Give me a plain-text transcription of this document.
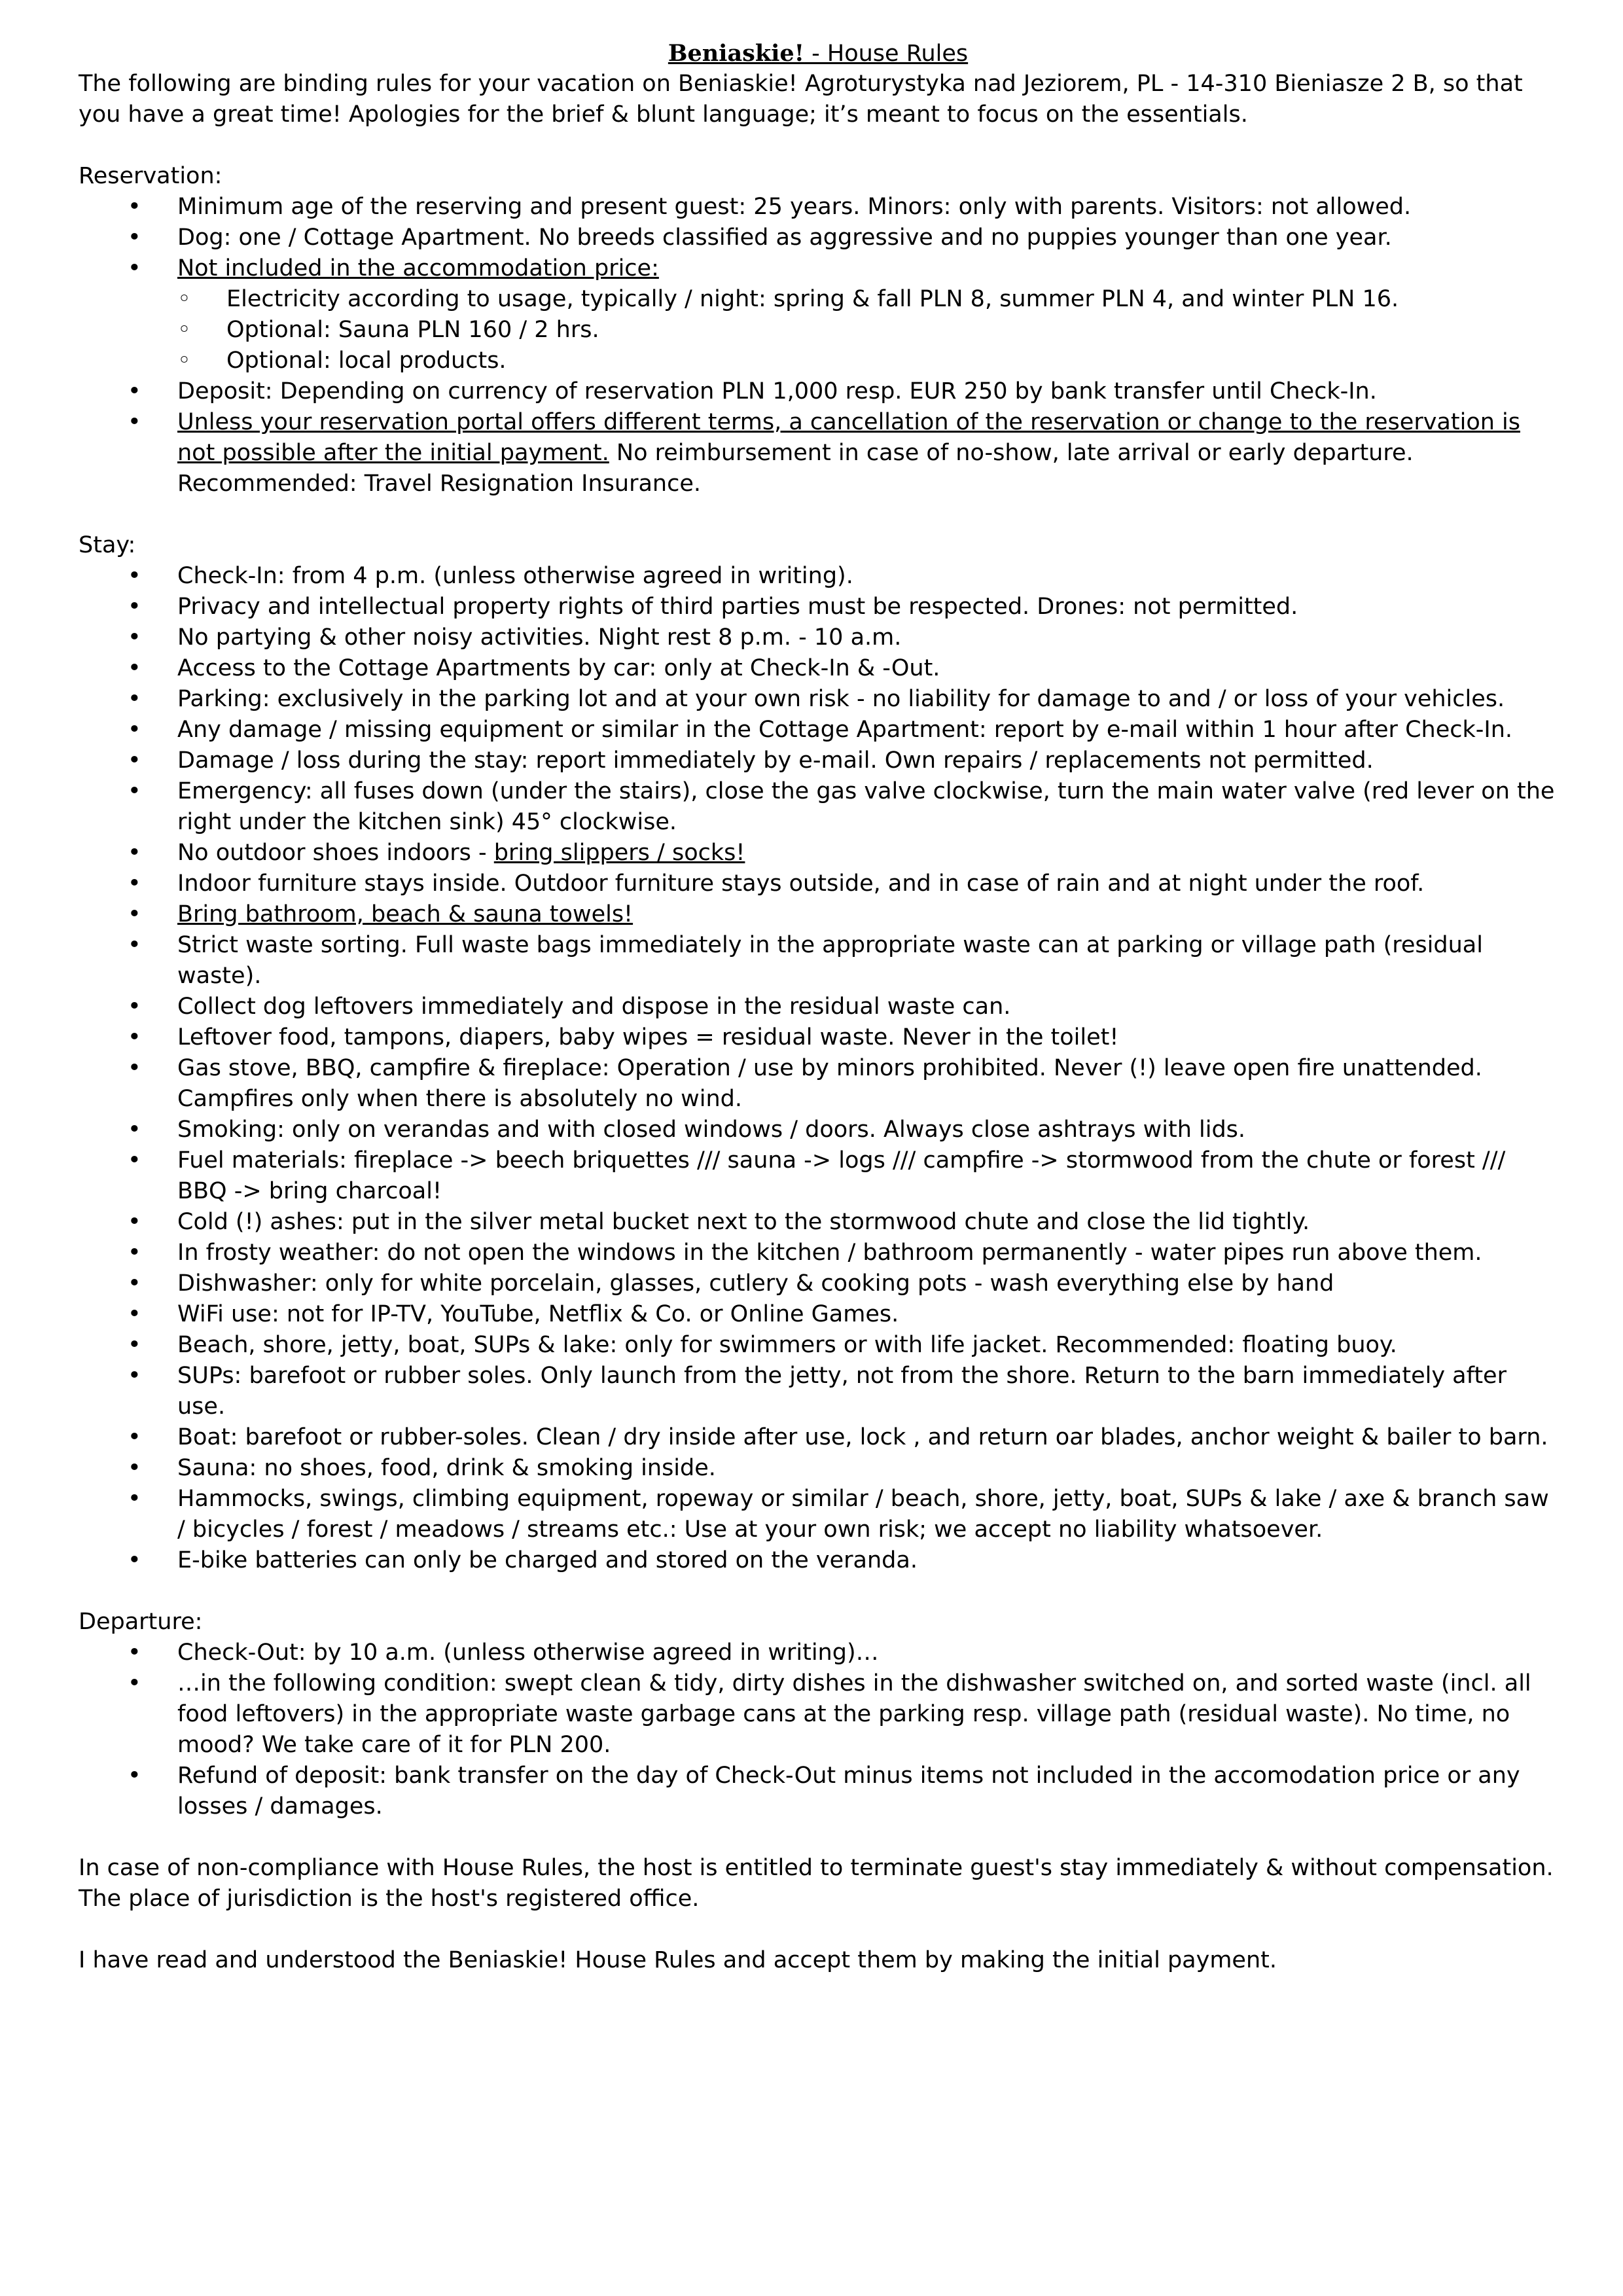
Beniaskie! - House Rules

The following are binding rules for your vacation on Beniaskie! Agroturystyka nad Jeziorem, PL - 14-310 Bieniasze 2 B, so that you have a great time! Apologies for the brief & blunt language; it’s meant to focus on the essentials.

Reservation:

• Minimum age of the reserving and present guest: 25 years. Minors: only with parents. Visitors: not allowed.
• Dog: one / Cottage Apartment. No breeds classified as aggressive and no puppies younger than one year.
• Not included in the accommodation price:
◦ Electricity according to usage, typically / night: spring & fall PLN 8, summer PLN 4, and winter PLN 16.
◦ Optional: Sauna PLN 160 / 2 hrs.
◦ Optional: local products.
• Deposit: Depending on currency of reservation PLN 1,000 resp. EUR 250 by bank transfer until Check-In.
• Unless your reservation portal offers different terms, a cancellation of the reservation or change to the reservation is not possible after the initial payment. No reimbursement in case of no-show, late arrival or early departure. Recommended: Travel Resignation Insurance.

Stay:

• Check-In: from 4 p.m. (unless otherwise agreed in writing).
• Privacy and intellectual property rights of third parties must be respected. Drones: not permitted.
• No partying & other noisy activities. Night rest 8 p.m. - 10 a.m.
• Access to the Cottage Apartments by car: only at Check-In & -Out.
• Parking: exclusively in the parking lot and at your own risk - no liability for damage to and / or loss of your vehicles.
• Any damage / missing equipment or similar in the Cottage Apartment: report by e-mail within 1 hour after Check-In.
• Damage / loss during the stay: report immediately by e-mail. Own repairs / replacements not permitted.
• Emergency: all fuses down (under the stairs), close the gas valve clockwise, turn the main water valve (red lever on the right under the kitchen sink) 45° clockwise.
• No outdoor shoes indoors - bring slippers / socks!
• Indoor furniture stays inside. Outdoor furniture stays outside, and in case of rain and at night under the roof.
• Bring bathroom, beach & sauna towels!
• Strict waste sorting. Full waste bags immediately in the appropriate waste can at parking or village path (residual waste).
• Collect dog leftovers immediately and dispose in the residual waste can.
• Leftover food, tampons, diapers, baby wipes = residual waste. Never in the toilet!
• Gas stove, BBQ, campfire & fireplace: Operation / use by minors prohibited. Never (!) leave open fire unattended. Campfires only when there is absolutely no wind.
• Smoking: only on verandas and with closed windows / doors. Always close ashtrays with lids.
• Fuel materials: fireplace -> beech briquettes /// sauna -> logs /// campfire -> stormwood from the chute or forest /// BBQ -> bring charcoal!
• Cold (!) ashes: put in the silver metal bucket next to the stormwood chute and close the lid tightly.
• In frosty weather: do not open the windows in the kitchen / bathroom permanently - water pipes run above them.
• Dishwasher: only for white porcelain, glasses, cutlery & cooking pots - wash everything else by hand
• WiFi use: not for IP-TV, YouTube, Netflix & Co. or Online Games.
• Beach, shore, jetty, boat, SUPs & lake: only for swimmers or with life jacket. Recommended: floating buoy.
• SUPs: barefoot or rubber soles. Only launch from the jetty, not from the shore. Return to the barn immediately after use.
• Boat: barefoot or rubber-soles. Clean / dry inside after use, lock , and return oar blades, anchor weight & bailer to barn.
• Sauna: no shoes, food, drink & smoking inside.
• Hammocks, swings, climbing equipment, ropeway or similar / beach, shore, jetty, boat, SUPs & lake / axe & branch saw / bicycles / forest / meadows / streams etc.: Use at your own risk; we accept no liability whatsoever.
• E-bike batteries can only be charged and stored on the veranda.

Departure:

• Check-Out: by 10 a.m. (unless otherwise agreed in writing)…
• …in the following condition: swept clean & tidy, dirty dishes in the dishwasher switched on, and sorted waste (incl. all food leftovers) in the appropriate waste garbage cans at the parking resp. village path (residual waste). No time, no mood? We take care of it for PLN 200.
• Refund of deposit: bank transfer on the day of Check-Out minus items not included in the accomodation price or any losses / damages.

In case of non-compliance with House Rules, the host is entitled to terminate guest's stay immediately & without compensation. The place of jurisdiction is the host's registered office.

I have read and understood the Beniaskie! House Rules and accept them by making the initial payment.
